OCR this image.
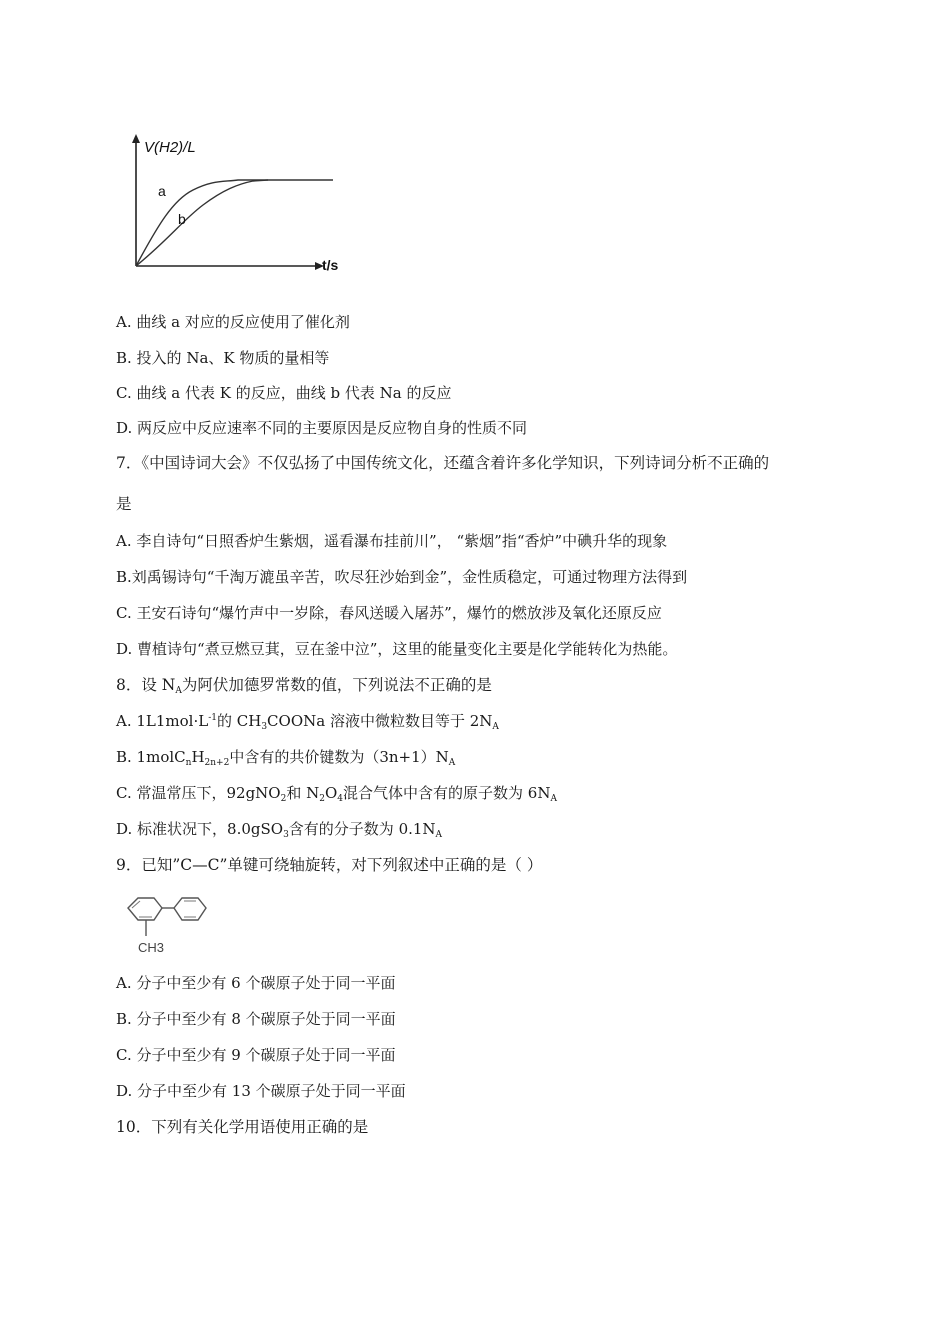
V(H2)/L
t/s
a
b
A. 曲线 a 对应的反应使用了催化剂
B. 投入的 Na、K 物质的量相等
C. 曲线 a 代表 K 的反应，曲线 b 代表 Na 的反应
D. 两反应中反应速率不同的主要原因是反应物自身的性质不同
7．《中国诗词大会》不仅弘扬了中国传统文化，还蕴含着许多化学知识，下列诗词分析不正确的
是
A. 李自诗句“日照香炉生紫烟，遥看瀑布挂前川”， “紫烟”指“香炉”中碘升华的现象
B.刘禹锡诗句“千淘万漉虽辛苦，吹尽狂沙始到金”，金性质稳定，可通过物理方法得到
C. 王安石诗句“爆竹声中一岁除，春风送暖入屠苏”，爆竹的燃放涉及氧化还原反应
D. 曹植诗句“煮豆燃豆萁，豆在釜中泣”，这里的能量变化主要是化学能转化为热能。
8．设 $N_A$为阿伏加德罗常数的值，下列说法不正确的是
A. $1L1mol\cdot L^{-1}$的 $CH_3COONa$ 溶液中微粒数目等于 $2N_A$
B. $1molC_nH_{2n+2}$中含有的共价键数为$(3n+1)N_A$
C. 常温常压下，92gNO$_2$和 $N_2O_4$混合气体中含有的原子数为 $6N_A$
D. 标准状况下，8.0gSO$_3$含有的分子数为 $0.1N_A$
9．已知”C—C”单键可绕轴旋转，对下列叙述中正确的是（ ）
CH3
A. 分子中至少有 6 个碳原子处于同一平面
B. 分子中至少有 8 个碳原子处于同一平面
C. 分子中至少有 9 个碳原子处于同一平面
D. 分子中至少有 13 个碳原子处于同一平面
10．下列有关化学用语使用正确的是
